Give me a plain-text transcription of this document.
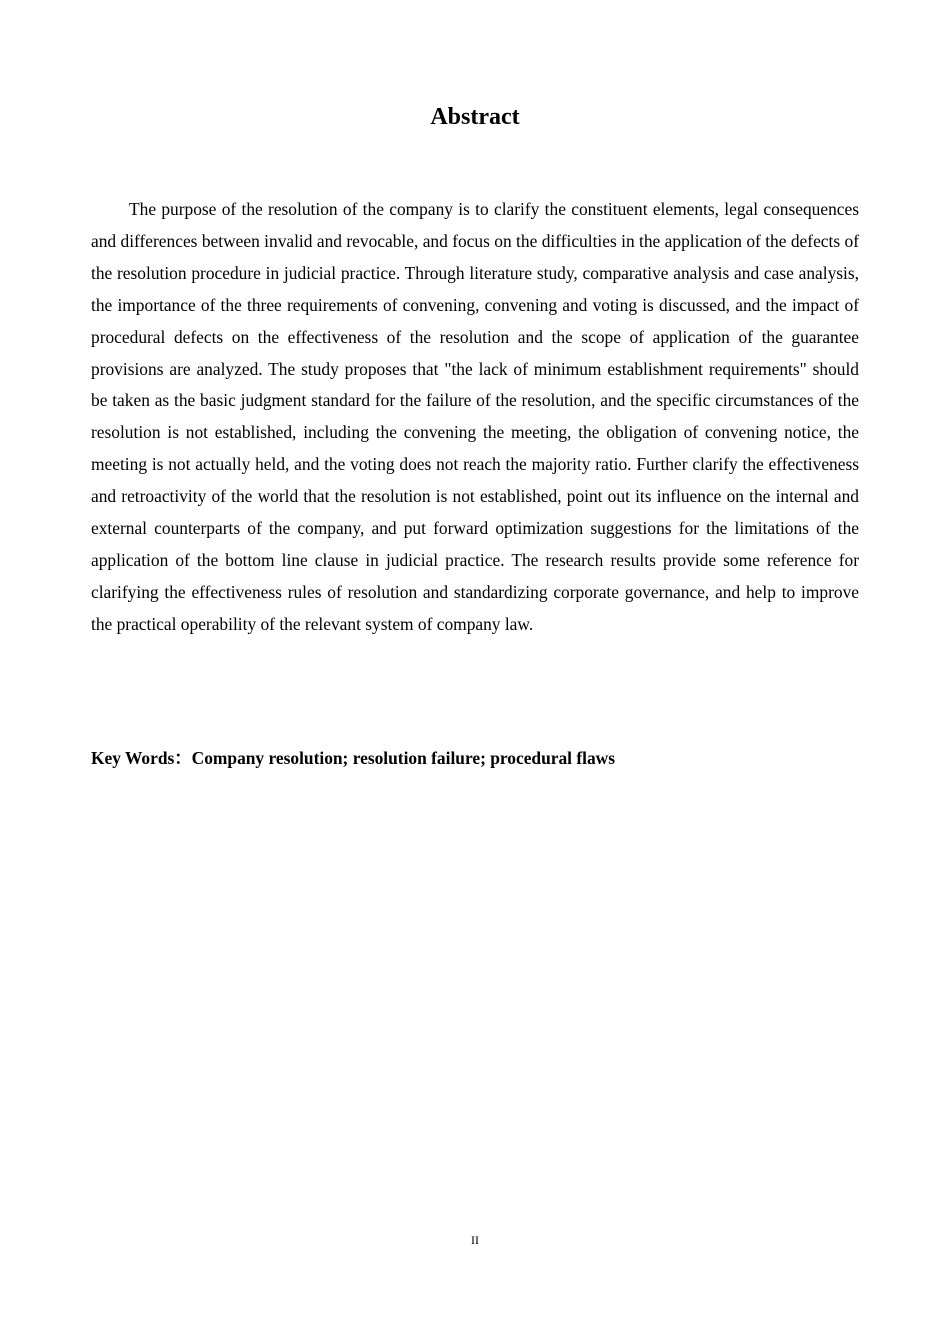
Abstract

The purpose of the resolution of the company is to clarify the constituent elements, legal consequences and differences between invalid and revocable, and focus on the difficulties in the application of the defects of the resolution procedure in judicial practice. Through literature study, comparative analysis and case analysis, the importance of the three requirements of convening, convening and voting is discussed, and the impact of procedural defects on the effectiveness of the resolution and the scope of application of the guarantee provisions are analyzed. The study proposes that "the lack of minimum establishment requirements" should be taken as the basic judgment standard for the failure of the resolution, and the specific circumstances of the resolution is not established, including the convening the meeting, the obligation of convening notice, the meeting is not actually held, and the voting does not reach the majority ratio. Further clarify the effectiveness and retroactivity of the world that the resolution is not established, point out its influence on the internal and external counterparts of the company, and put forward optimization suggestions for the limitations of the application of the bottom line clause in judicial practice. The research results provide some reference for clarifying the effectiveness rules of resolution and standardizing corporate governance, and help to improve the practical operability of the relevant system of company law.

Key Words：Company resolution; resolution failure; procedural flaws

II
